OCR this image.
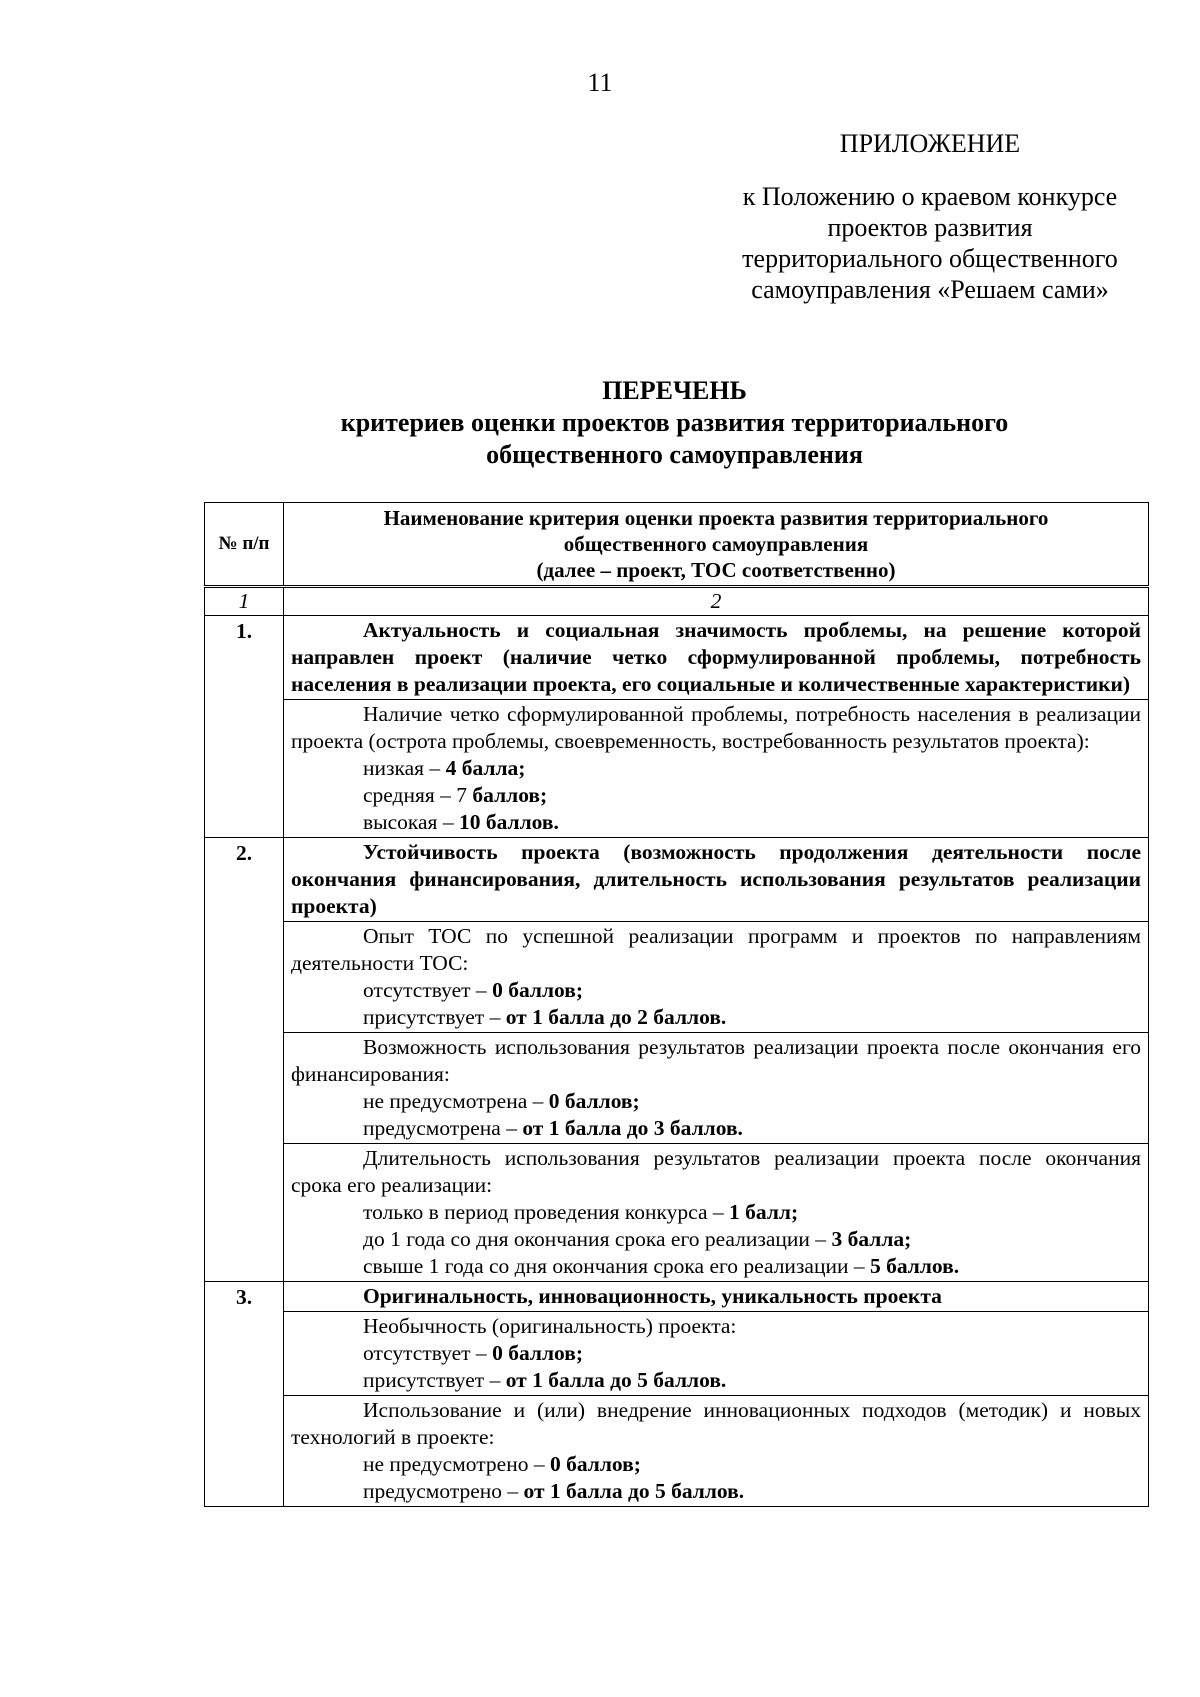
11
ПРИЛОЖЕНИЕ
к Положению о краевом конкурсе
проектов развития
территориального общественного
самоуправления «Решаем сами»
ПЕРЕЧЕНЬ
критериев оценки проектов развития территориального
общественного самоуправления
№ п/п	Наименование критерия оценки проекта развития территориального
общественного самоуправления
(далее – проект, ТОС соответственно)

1	2
1.	Актуальность и социальная значимость проблемы, на решение которой направлен проект (наличие четко сформулированной проблемы, потребность населения в реализации проекта, его социальные и количественные характеристики)

	Наличие четко сформулированной проблемы, потребность населения в реализации проекта (острота проблемы, своевременность, востребованность результатов проекта):
низкая – 4 балла;
средняя – 7 баллов;
высокая – 10 баллов.

2.	Устойчивость проекта (возможность продолжения деятельности после окончания финансирования, длительность использования результатов реализации проекта)

	Опыт ТОС по успешной реализации программ и проектов по направлениям деятельности ТОС:
отсутствует – 0 баллов;
присутствует – от 1 балла до 2 баллов.

	Возможность использования результатов реализации проекта после окончания его финансирования:
не предусмотрена – 0 баллов;
предусмотрена – от 1 балла до 3 баллов.

	Длительность использования результатов реализации проекта после окончания срока его реализации:
только в период проведения конкурса – 1 балл;
до 1 года со дня окончания срока его реализации – 3 балла;
свыше 1 года со дня окончания срока его реализации – 5 баллов.

3.	Оригинальность, инновационность, уникальность проекта

	Необычность (оригинальность) проекта:
отсутствует – 0 баллов;
присутствует – от 1 балла до 5 баллов.

	Использование и (или) внедрение инновационных подходов (методик) и новых технологий в проекте:
не предусмотрено – 0 баллов;
предусмотрено – от 1 балла до 5 баллов.
